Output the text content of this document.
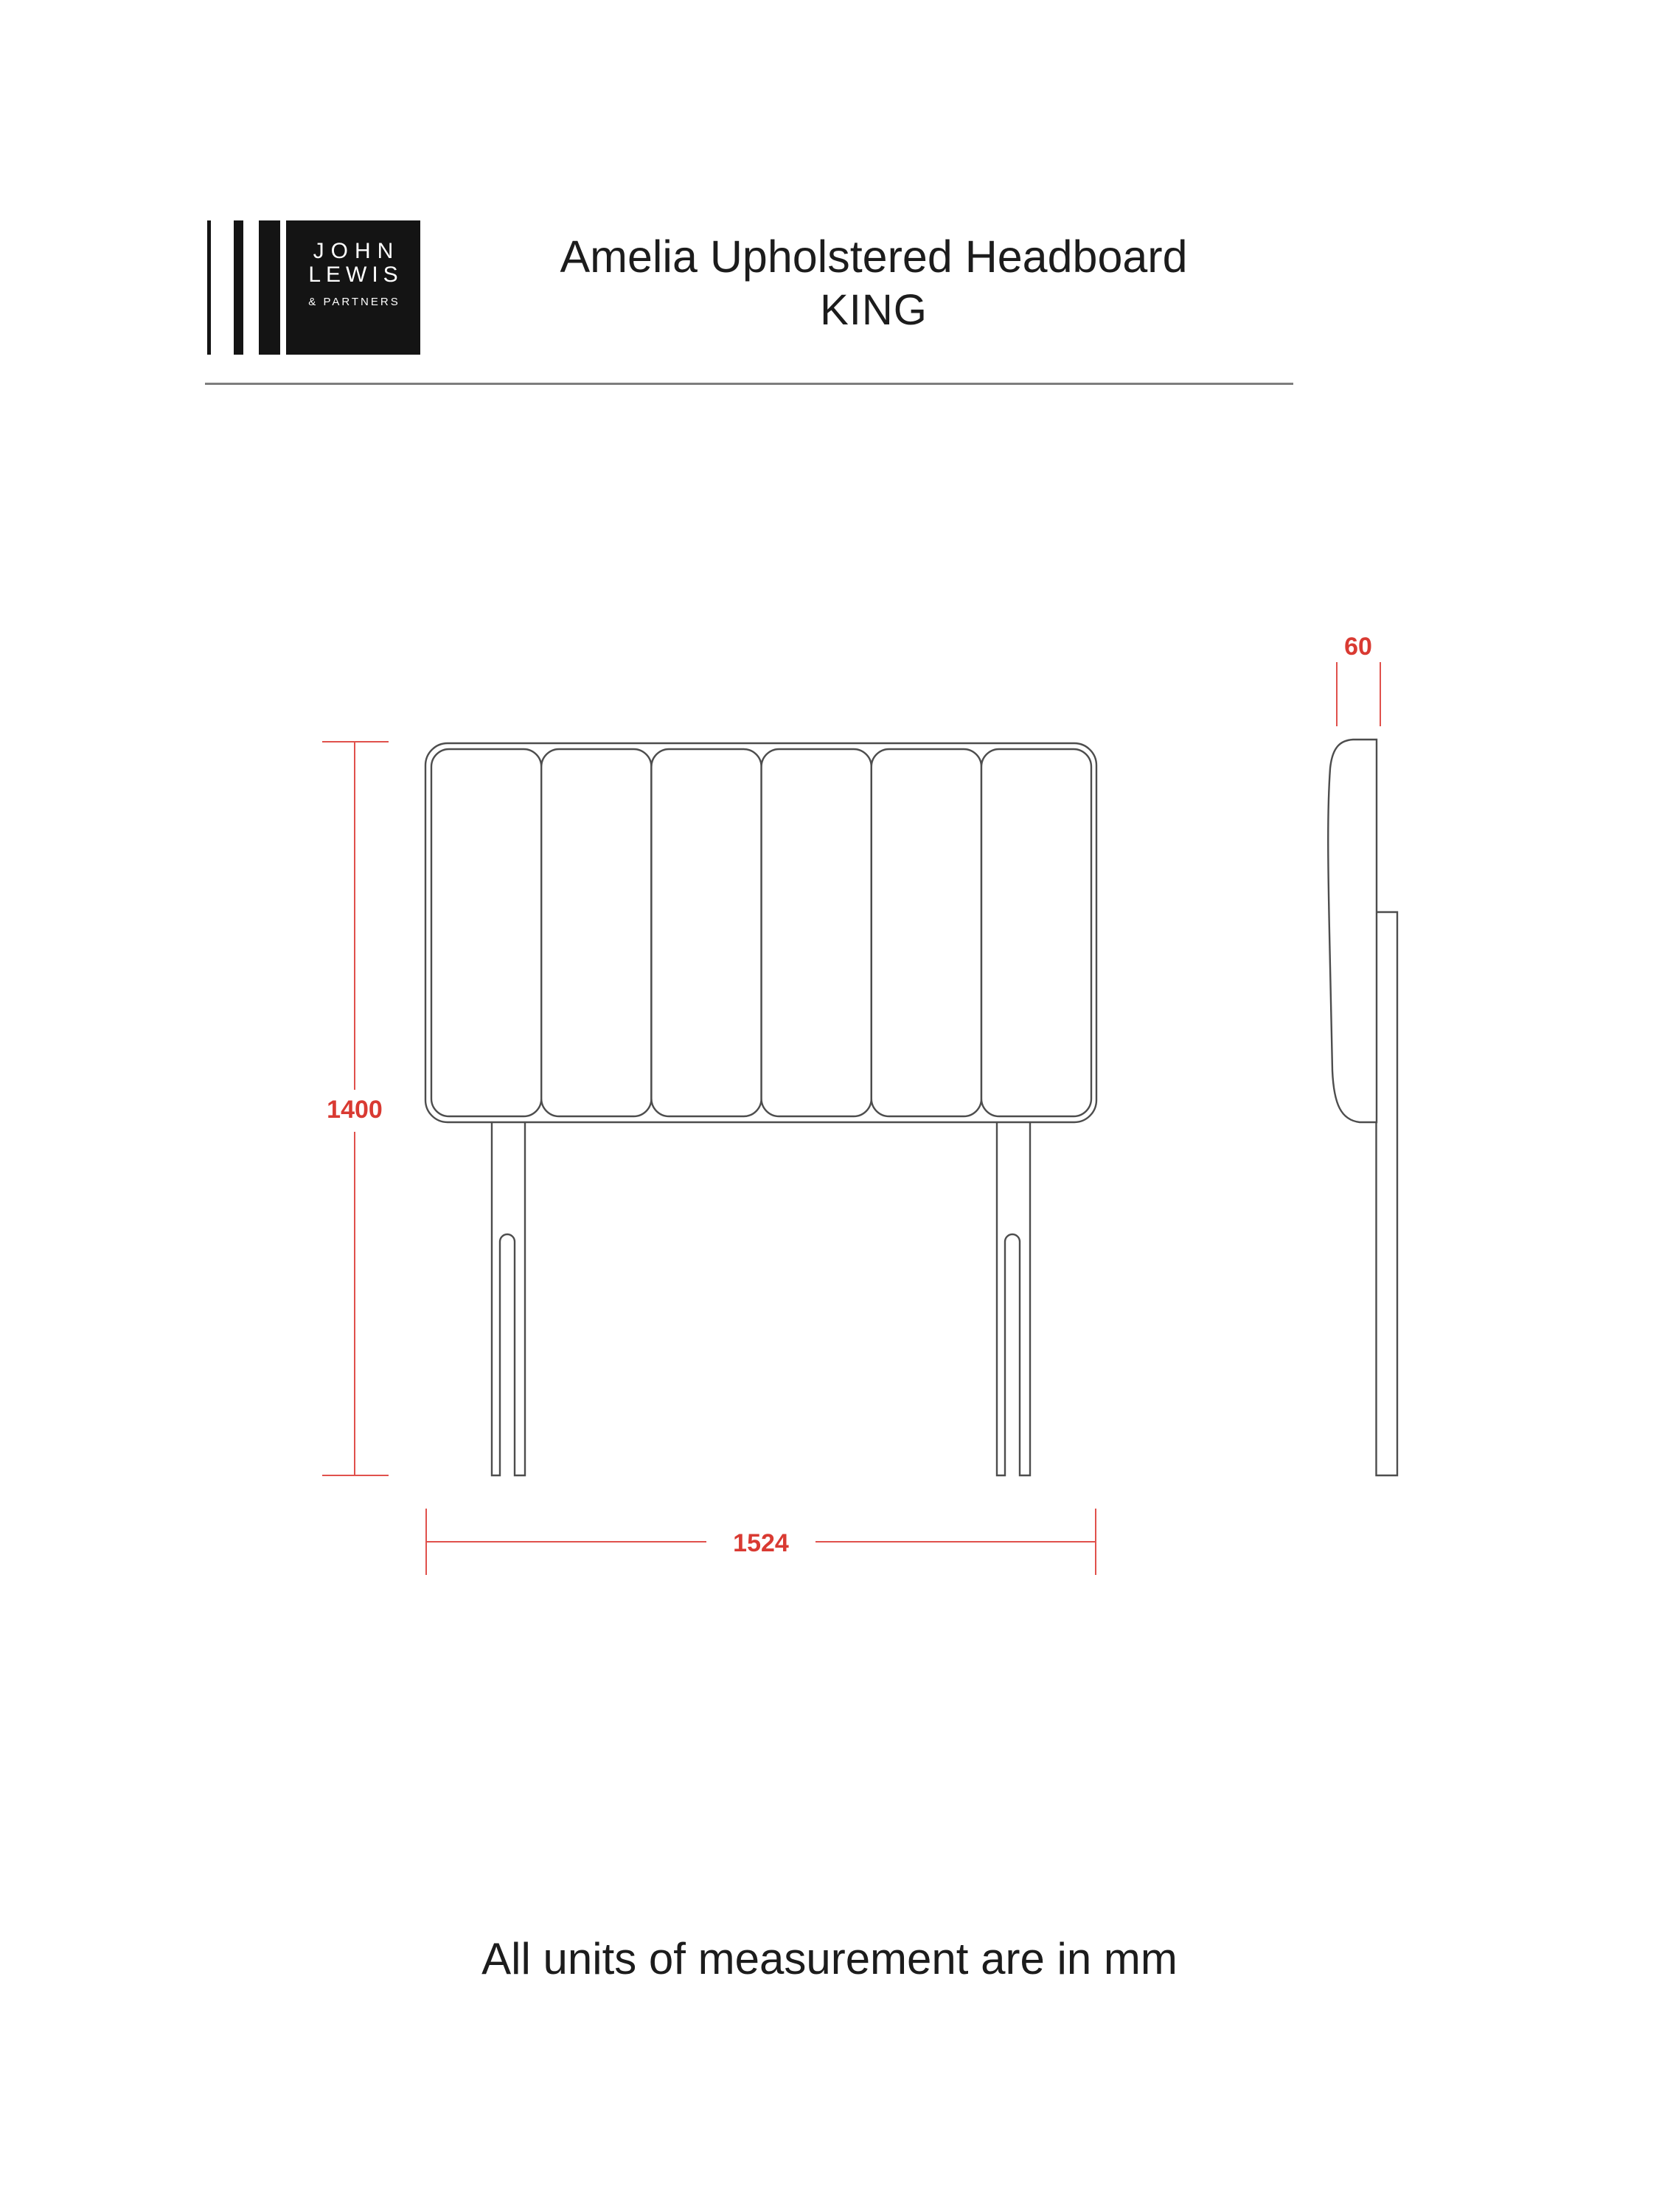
JOHN
LEWIS
& PARTNERS
Amelia Upholstered Headboard
KING
1400
1524
60
All units of measurement are in mm
